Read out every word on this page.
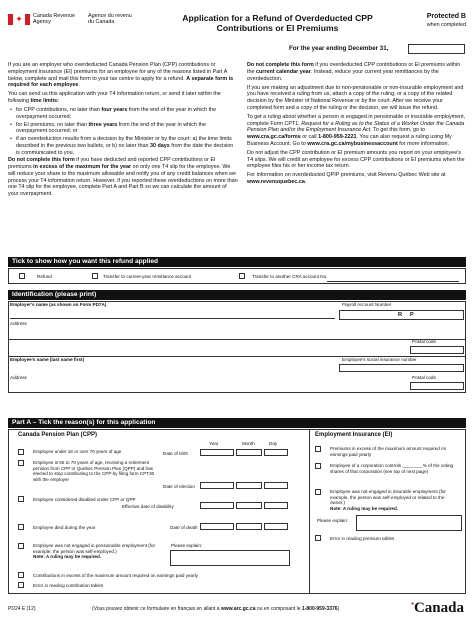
✦	Canada Revenue
Agency
Agence du revenu
du Canada	Application for a Refund of Overdeducted CPP
Contributions or EI Premiums
Protected B
when completed
For the year ending December 31,

If you are an employer who overdeducted Canada Pension Plan (CPP) contributions or employment insurance (EI) premiums for an employee for any of the reasons listed in Part A below, complete and mail this form to your tax centre to apply for a refund. A separate form is required for each employee.

You can send us this application with your T4 information return, or send it later within the following time limits:

• for CPP contributions, no later than four years from the end of the year in which the overpayment occurred;
• for EI premiums, no later than three years from the end of the year in which the overpayment occurred; or
• if an overdeduction results from a decision by the Minister or by the court: a) the time limits described in the previous two bullets, or b) no later than 30 days from the date the decision is communicated to you.

Do not complete this form if you have deducted and reported CPP contributions or EI premiums in excess of the maximum for the year on only one T4 slip for the employee. We will reduce your share to the maximum allowable and notify you of any credit balances when we process your T4 information return. However, if you reported these overdeductions on more than one T4 slip for the employee, complete Part A and Part B so we can calculate the amount of your overpayment.

Do not complete this form if you overdeducted CPP contributions or EI premiums within the current calendar year. Instead, reduce your current year remittances by the overdeduction.

If you are making an adjustment due to non-pensionable or non-insurable employment and you have received a ruling from us, attach a copy of the ruling, or a copy of the related decision by the Minister of National Revenue or by the court. After we receive your completed form and a copy of the ruling or the decision, we will issue the refund.

To get a ruling about whether a person is engaged in pensionable or insurable employment, complete Form CPT1, Request for a Ruling as to the Status of a Worker Under the Canada Pension Plan and/or the Employment Insurance Act. To get this form, go to www.cra.gc.ca/forms or call 1-800-959-2221. You can also request a ruling using My Business Account. Go to www.cra.gc.ca/mybusinessaccount for more information.

Do not adjust the CPP contribution or EI premium amounts you report on your employee's T4 slips. We will credit an employee for excess CPP contributions or EI premiums when the employee files his or her income tax return.

For information on overdeducted QPIP premiums, visit Revenu Québec Web site at www.revenuquebec.ca.

Tick to show how you want this refund applied
Refund	Transfer to current-year remittance account	Transfer to another CRA account No.
Identification (please print)
Employer's name (as shown on Form PD7A)	Payroll Account Number
R P
Address
Postal code
Employee's name (last name first)	Employee's social insurance number
Address	Postal code
Part A – Tick the reason(s) for this application
Canada Pension Plan (CPP)
Year	Month	Day
Employee under 18 or over 70 years of age	Date of birth
Employee is 65 to 70 years of age, receiving a retirement pension from CPP or Quebec Pension Plan (QPP) and has elected to stop contributing to the CPP by filing form CPT30 with the employer
Date of election
Employee considered disabled under CPP or QPP
Effective date of disability
Employee died during the year	Date of death
Employee was not engaged in pensionable employment (for example, the person was self-employed.)
Note: A ruling may be required.
Please explain:
Contributions in excess of the maximum amount required on earnings paid yearly
Error in reading contribution tables
Employment Insurance (EI)
Premiums in excess of the maximum amount required on earnings paid yearly
Employee of a corporation controls ________% of the voting shares of that corporation (see top of next page)
Employee was not engaged in insurable employment (for example, the person was self-employed or related to the owner.)
Note: A ruling may be required.
Please explain:
Error in reading premium tables
PD24 E (12)	(Vous pouvez obtenir ce formulaire en français en allant à www.arc.gc.ca ou en composant le 1-800-959-3376)
▪Canada
